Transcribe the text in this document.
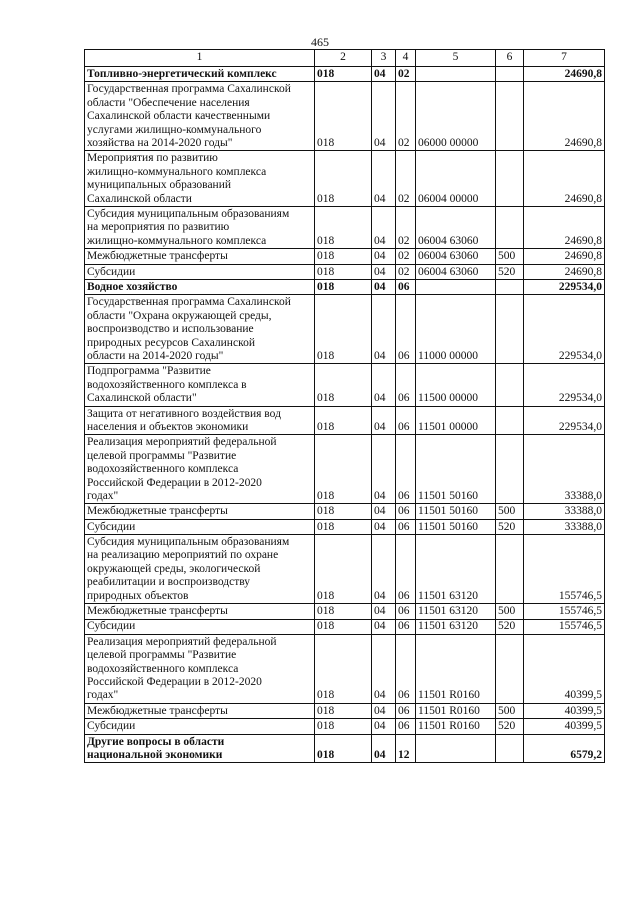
465
1	2	3	4	5	6	7
Топливно-энергетический комплекс	018	04	02			24690,8
Государственная программа Сахалинской
области "Обеспечение населения
Сахалинской области качественными
услугами жилищно-коммунального
хозяйства на 2014-2020 годы"	018	04	02	06000 00000		24690,8
Мероприятия по развитию
жилищно-коммунального комплекса
муниципальных образований
Сахалинской области	018	04	02	06004 00000		24690,8
Субсидия муниципальным образованиям
на мероприятия по развитию
жилищно-коммунального комплекса	018	04	02	06004 63060		24690,8
Межбюджетные трансферты	018	04	02	06004 63060	500	24690,8
Субсидии	018	04	02	06004 63060	520	24690,8
Водное хозяйство	018	04	06			229534,0
Государственная программа Сахалинской
области "Охрана окружающей среды,
воспроизводство и использование
природных ресурсов Сахалинской
области на 2014-2020 годы"	018	04	06	11000 00000		229534,0
Подпрограмма "Развитие
водохозяйственного комплекса в
Сахалинской области"	018	04	06	11500 00000		229534,0
Защита от негативного воздействия вод
населения и объектов экономики	018	04	06	11501 00000		229534,0
Реализация мероприятий федеральной
целевой программы "Развитие
водохозяйственного комплекса
Российской Федерации в 2012-2020
годах"	018	04	06	11501 50160		33388,0
Межбюджетные трансферты	018	04	06	11501 50160	500	33388,0
Субсидии	018	04	06	11501 50160	520	33388,0
Субсидия муниципальным образованиям
на реализацию мероприятий по охране
окружающей среды, экологической
реабилитации и воспроизводству
природных объектов	018	04	06	11501 63120		155746,5
Межбюджетные трансферты	018	04	06	11501 63120	500	155746,5
Субсидии	018	04	06	11501 63120	520	155746,5
Реализация мероприятий федеральной
целевой программы "Развитие
водохозяйственного комплекса
Российской Федерации в 2012-2020
годах"	018	04	06	11501 R0160		40399,5
Межбюджетные трансферты	018	04	06	11501 R0160	500	40399,5
Субсидии	018	04	06	11501 R0160	520	40399,5
Другие вопросы в области
национальной экономики	018	04	12			6579,2
